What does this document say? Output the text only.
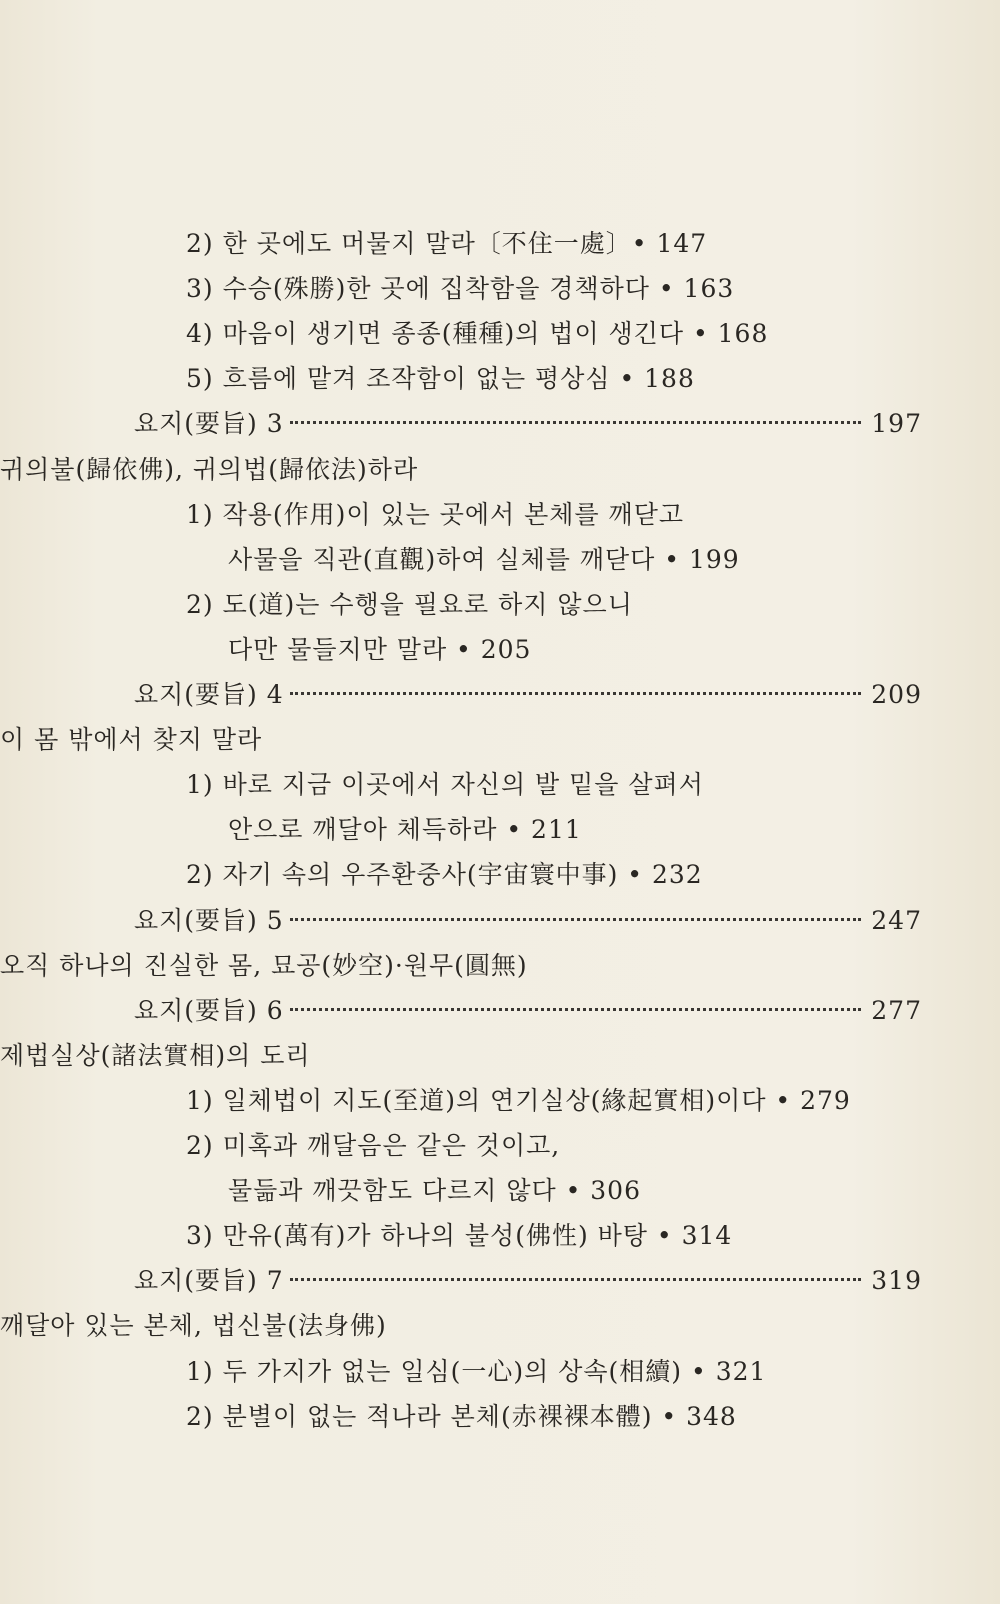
2) 한 곳에도 머물지 말라〔不住一處〕• 147
3) 수승(殊勝)한 곳에 집착함을 경책하다 • 163
4) 마음이 생기면 종종(種種)의 법이 생긴다 • 168
5) 흐름에 맡겨 조작함이 없는 평상심 • 188
요지(要旨) 3	197
귀의불(歸依佛), 귀의법(歸依法)하라
1) 작용(作用)이 있는 곳에서 본체를 깨닫고
사물을 직관(直觀)하여 실체를 깨닫다 • 199
2) 도(道)는 수행을 필요로 하지 않으니
다만 물들지만 말라 • 205
요지(要旨) 4	209
이 몸 밖에서 찾지 말라
1) 바로 지금 이곳에서 자신의 발 밑을 살펴서
안으로 깨달아 체득하라 • 211
2) 자기 속의 우주환중사(宇宙寰中事) • 232
요지(要旨) 5	247
오직 하나의 진실한 몸, 묘공(妙空)·원무(圓無)
요지(要旨) 6	277
제법실상(諸法實相)의 도리
1) 일체법이 지도(至道)의 연기실상(緣起實相)이다 • 279
2) 미혹과 깨달음은 같은 것이고,
물듦과 깨끗함도 다르지 않다 • 306
3) 만유(萬有)가 하나의 불성(佛性) 바탕 • 314
요지(要旨) 7	319
깨달아 있는 본체, 법신불(法身佛)
1) 두 가지가 없는 일심(一心)의 상속(相續) • 321
2) 분별이 없는 적나라 본체(赤裸裸本體) • 348
